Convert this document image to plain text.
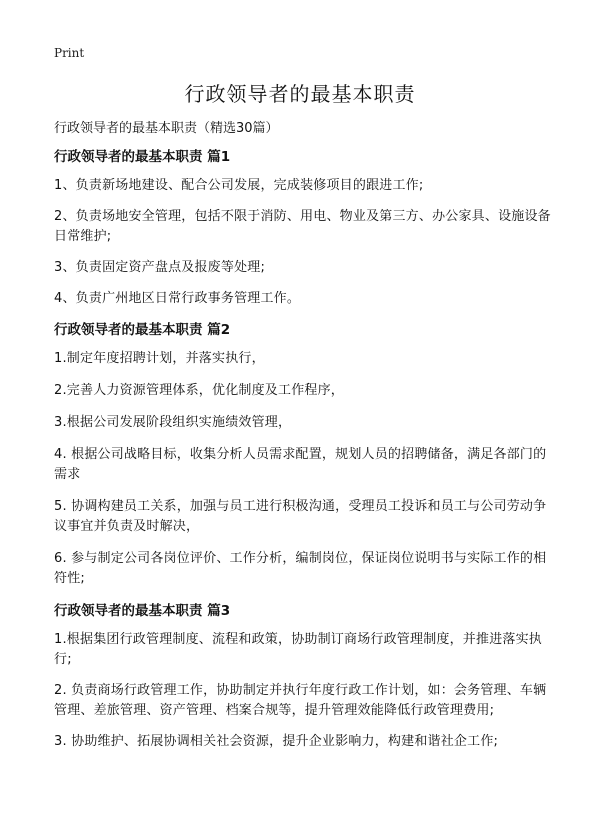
Print
行政领导者的最基本职责

行政领导者的最基本职责（精选30篇）

行政领导者的最基本职责 篇1

1、负责新场地建设、配合公司发展，完成装修项目的跟进工作;

2、负责场地安全管理，包括不限于消防、用电、物业及第三方、办公家具、设施设备日常维护;

3、负责固定资产盘点及报废等处理;

4、负责广州地区日常行政事务管理工作。

行政领导者的最基本职责 篇2

1.制定年度招聘计划，并落实执行，

2.完善人力资源管理体系，优化制度及工作程序，

3.根据公司发展阶段组织实施绩效管理，

4. 根据公司战略目标，收集分析人员需求配置，规划人员的招聘储备，满足各部门的需求

5. 协调构建员工关系，加强与员工进行积极沟通，受理员工投诉和员工与公司劳动争议事宜并负责及时解决，

6. 参与制定公司各岗位评价、工作分析，编制岗位，保证岗位说明书与实际工作的相符性;

行政领导者的最基本职责 篇3

1.根据集团行政管理制度、流程和政策，协助制订商场行政管理制度，并推进落实执行;

2. 负责商场行政管理工作，协助制定并执行年度行政工作计划，如：会务管理、车辆管理、差旅管理、资产管理、档案合规等，提升管理效能降低行政管理费用;

3. 协助维护、拓展协调相关社会资源，提升企业影响力，构建和谐社企工作;
